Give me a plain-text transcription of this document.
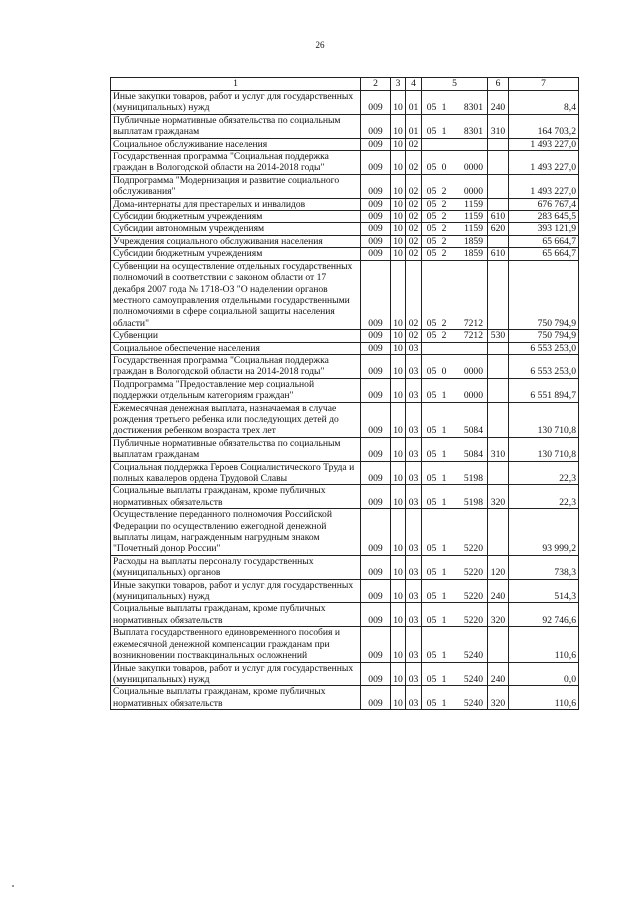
26
1	2	3	4	5	6	7
Иные закупки товаров, работ и услуг для государственных (муниципальных) нужд	009	10	01	05 1 8301	240	8,4
Публичные нормативные обязательства по социальным выплатам гражданам	009	10	01	05 1 8301	310	164 703,2
Социальное обслуживание населения	009	10	02			1 493 227,0
Государственная программа "Социальная поддержка граждан в Вологодской области на 2014-2018 годы"	009	10	02	05 0 0000		1 493 227,0
Подпрограмма "Модернизация и развитие социального обслуживания"	009	10	02	05 2 0000		1 493 227,0
Дома-интернаты для престарелых и инвалидов	009	10	02	05 2 1159		676 767,4
Субсидии бюджетным учреждениям	009	10	02	05 2 1159	610	283 645,5
Субсидии автономным учреждениям	009	10	02	05 2 1159	620	393 121,9
Учреждения социального обслуживания населения	009	10	02	05 2 1859		65 664,7
Субсидии бюджетным учреждениям	009	10	02	05 2 1859	610	65 664,7
Субвенции на осуществление отдельных государственных полномочий в соответствии с законом области от 17 декабря 2007 года № 1718-ОЗ "О наделении органов местного самоуправления отдельными государственными полномочиями в сфере социальной защиты населения области"	009	10	02	05 2 7212		750 794,9
Субвенции	009	10	02	05 2 7212	530	750 794,9
Социальное обеспечение населения	009	10	03			6 553 253,0
Государственная программа "Социальная поддержка граждан в Вологодской области на 2014-2018 годы"	009	10	03	05 0 0000		6 553 253,0
Подпрограмма "Предоставление мер социальной поддержки отдельным категориям граждан"	009	10	03	05 1 0000		6 551 894,7
Ежемесячная денежная выплата, назначаемая в случае рождения третьего ребенка или последующих детей до достижения ребенком возраста трех лет	009	10	03	05 1 5084		130 710,8
Публичные нормативные обязательства по социальным выплатам гражданам	009	10	03	05 1 5084	310	130 710,8
Социальная поддержка Героев Социалистического Труда и полных кавалеров ордена Трудовой Славы	009	10	03	05 1 5198		22,3
Социальные выплаты гражданам, кроме публичных нормативных обязательств	009	10	03	05 1 5198	320	22,3
Осуществление переданного полномочия Российской Федерации по осуществлению ежегодной денежной выплаты лицам, награжденным нагрудным знаком "Почетный донор России"	009	10	03	05 1 5220		93 999,2
Расходы на выплаты персоналу государственных (муниципальных) органов	009	10	03	05 1 5220	120	738,3
Иные закупки товаров, работ и услуг для государственных (муниципальных) нужд	009	10	03	05 1 5220	240	514,3
Социальные выплаты гражданам, кроме публичных нормативных обязательств	009	10	03	05 1 5220	320	92 746,6
Выплата государственного единовременного пособия и ежемесячной денежной компенсации гражданам при возникновении поствакцинальных осложнений	009	10	03	05 1 5240		110,6
Иные закупки товаров, работ и услуг для государственных (муниципальных) нужд	009	10	03	05 1 5240	240	0,0
Социальные выплаты гражданам, кроме публичных нормативных обязательств	009	10	03	05 1 5240	320	110,6
